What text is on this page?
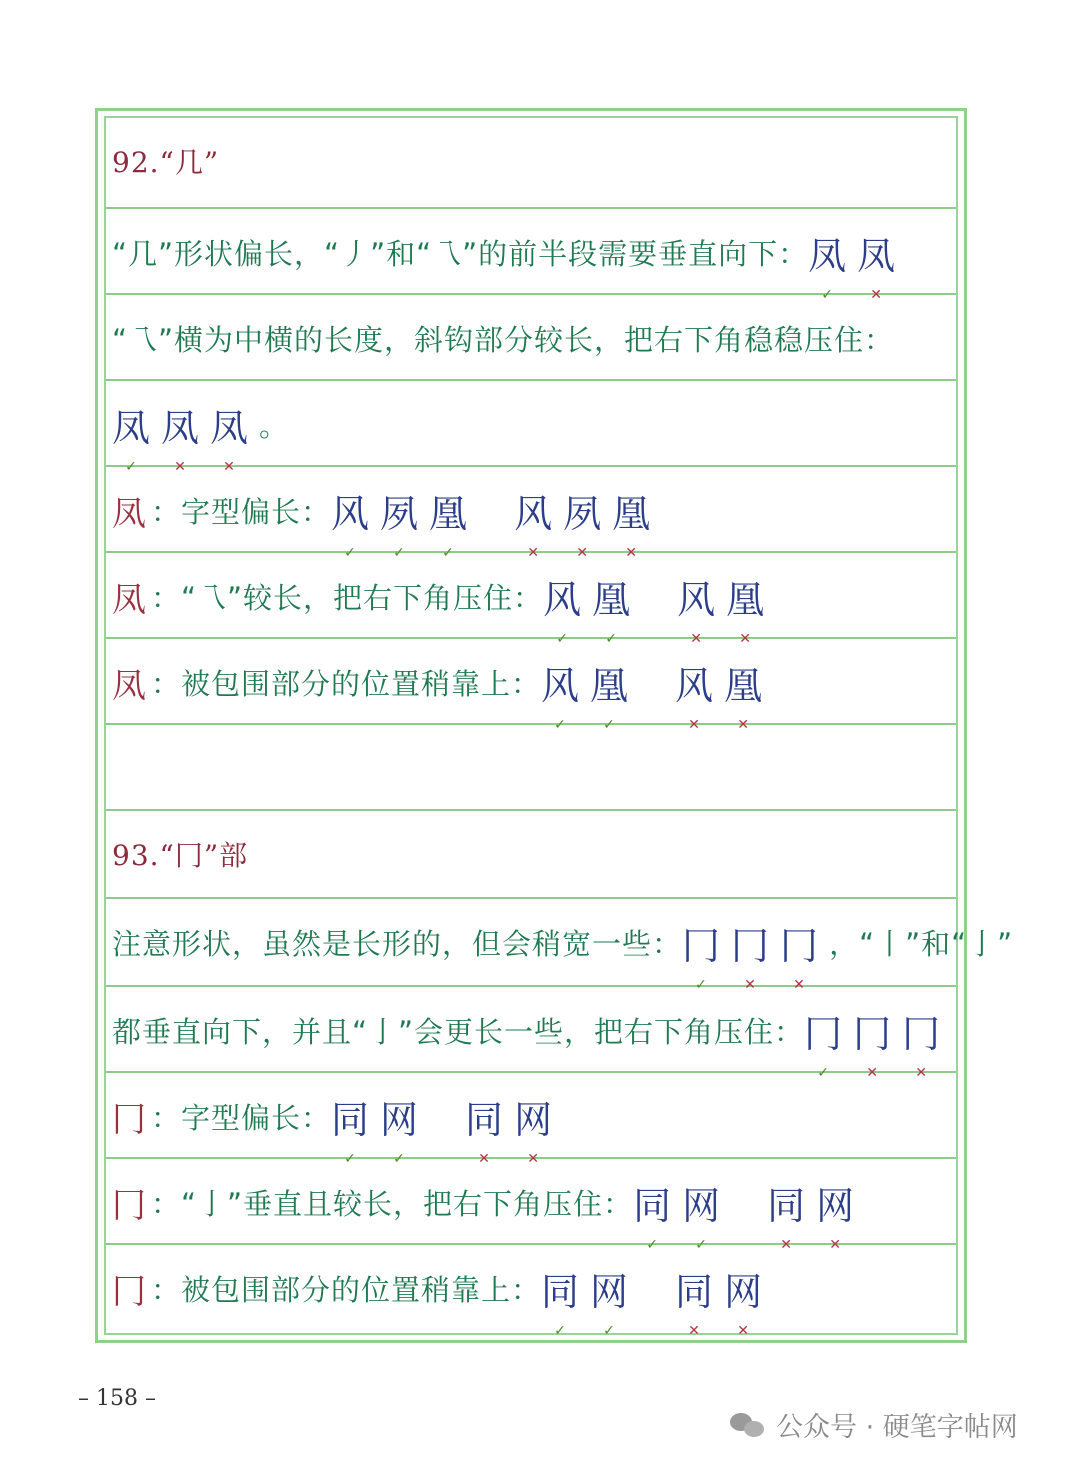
92.“几”
“几”形状偏长，“丿”和“乁”的前半段需要垂直向下： 凤
✓
凤
✕
“乁”横为中横的长度，斜钩部分较长，把右下角稳稳压住：
凤
✓
凤
✕
凤
✕
。
凤 ：字型偏长： 风
✓
夙
✓
凰
✓
风
✕
夙
✕
凰
✕
凤 ：“乁”较长，把右下角压住： 风
✓
凰
✓
风
✕
凰
✕
凤 ：被包围部分的位置稍靠上： 风
✓
凰
✓
风
✕
凰
✕
93.“冂”部
注意形状，虽然是长形的，但会稍宽一些： 冂
✓
冂
✕
冂
✕
，“丨”和“亅”
都垂直向下，并且“亅”会更长一些，把右下角压住： 冂
✓
冂
✕
冂
✕
冂 ：字型偏长： 同
✓
网
✓
同
✕
网
✕
冂 ：“亅”垂直且较长，把右下角压住： 同
✓
网
✓
同
✕
网
✕
冂 ：被包围部分的位置稍靠上： 同
✓
网
✓
同
✕
网
✕
– 158 –
公众号 · 硬笔字帖网
